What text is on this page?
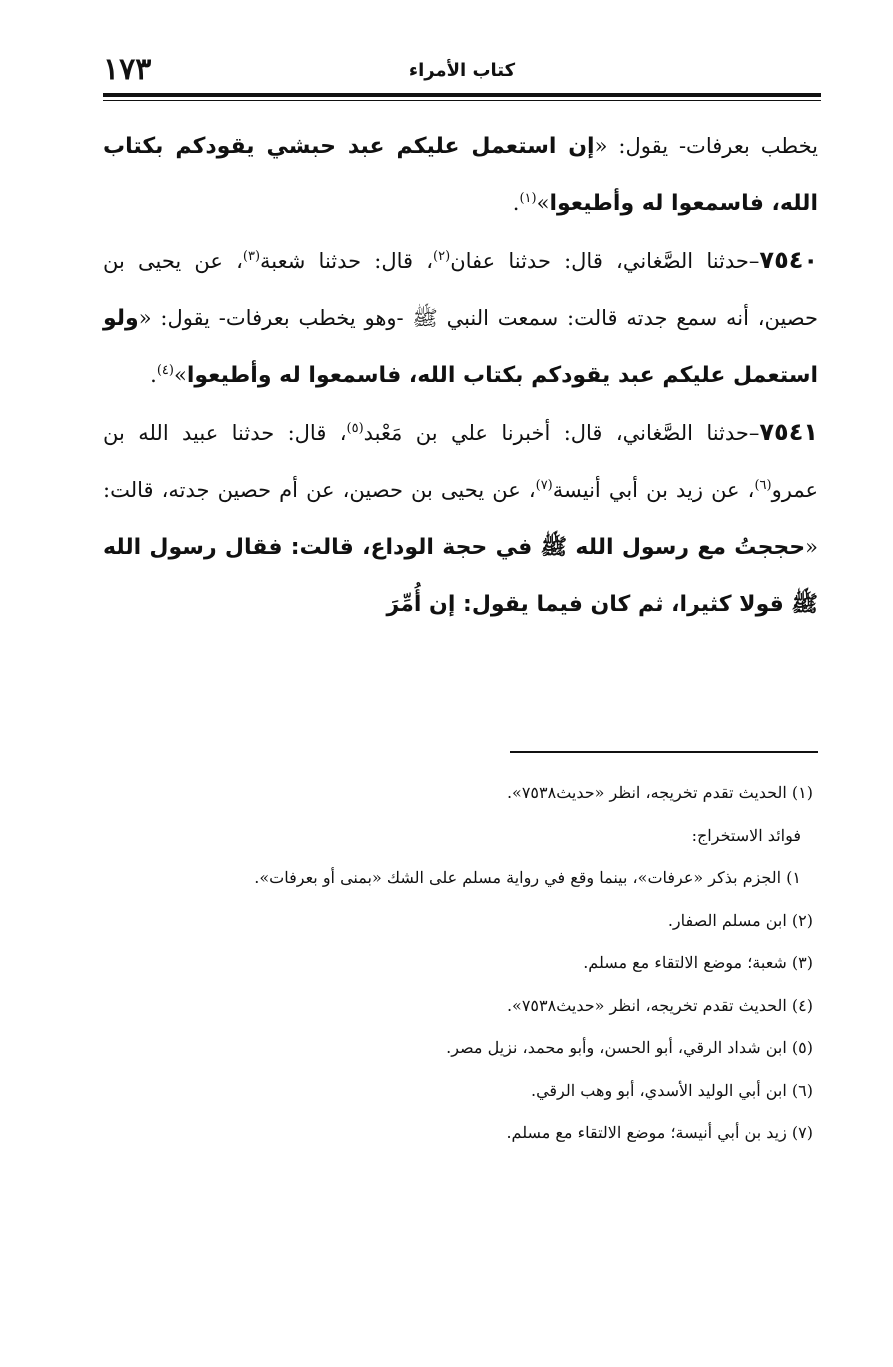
كتاب الأمراء
١٧٣

يخطب بعرفات- يقول: «إن استعمل عليكم عبد حبشي يقودكم بكتاب الله، فاسمعوا له وأطيعوا»$^{(١)}$.

٧٥٤٠–حدثنا الصَّغاني، قال: حدثنا عفان$^{(٢)}$، قال: حدثنا شعبة$^{(٣)}$، عن يحيى بن حصين، أنه سمع جدته قالت: سمعت النبي ﷺ -وهو يخطب بعرفات- يقول: «ولو استعمل عليكم عبد يقودكم بكتاب الله، فاسمعوا له وأطيعوا»$^{(٤)}$.

٧٥٤١–حدثنا الصَّغاني، قال: أخبرنا علي بن مَعْبد$^{(٥)}$، قال: حدثنا عبيد الله بن عمرو$^{(٦)}$، عن زيد بن أبي أنيسة$^{(٧)}$، عن يحيى بن حصين، عن أم حصين جدته، قالت: «حججتُ مع رسول الله ﷺ في حجة الوداع، قالت: فقال رسول الله ﷺ قولا كثيرا، ثم كان فيما يقول: إن أُمِّرَ

(١) الحديث تقدم تخريجه، انظر «حديث٧٥٣٨».

فوائد الاستخراج:

١) الجزم بذكر «عرفات»، بينما وقع في رواية مسلم على الشك «بمنى أو بعرفات».

(٢) ابن مسلم الصفار.

(٣) شعبة؛ موضع الالتقاء مع مسلم.

(٤) الحديث تقدم تخريجه، انظر «حديث٧٥٣٨».

(٥) ابن شداد الرقي، أبو الحسن، وأبو محمد، نزيل مصر.

(٦) ابن أبي الوليد الأسدي، أبو وهب الرقي.

(٧) زيد بن أبي أنيسة؛ موضع الالتقاء مع مسلم.
